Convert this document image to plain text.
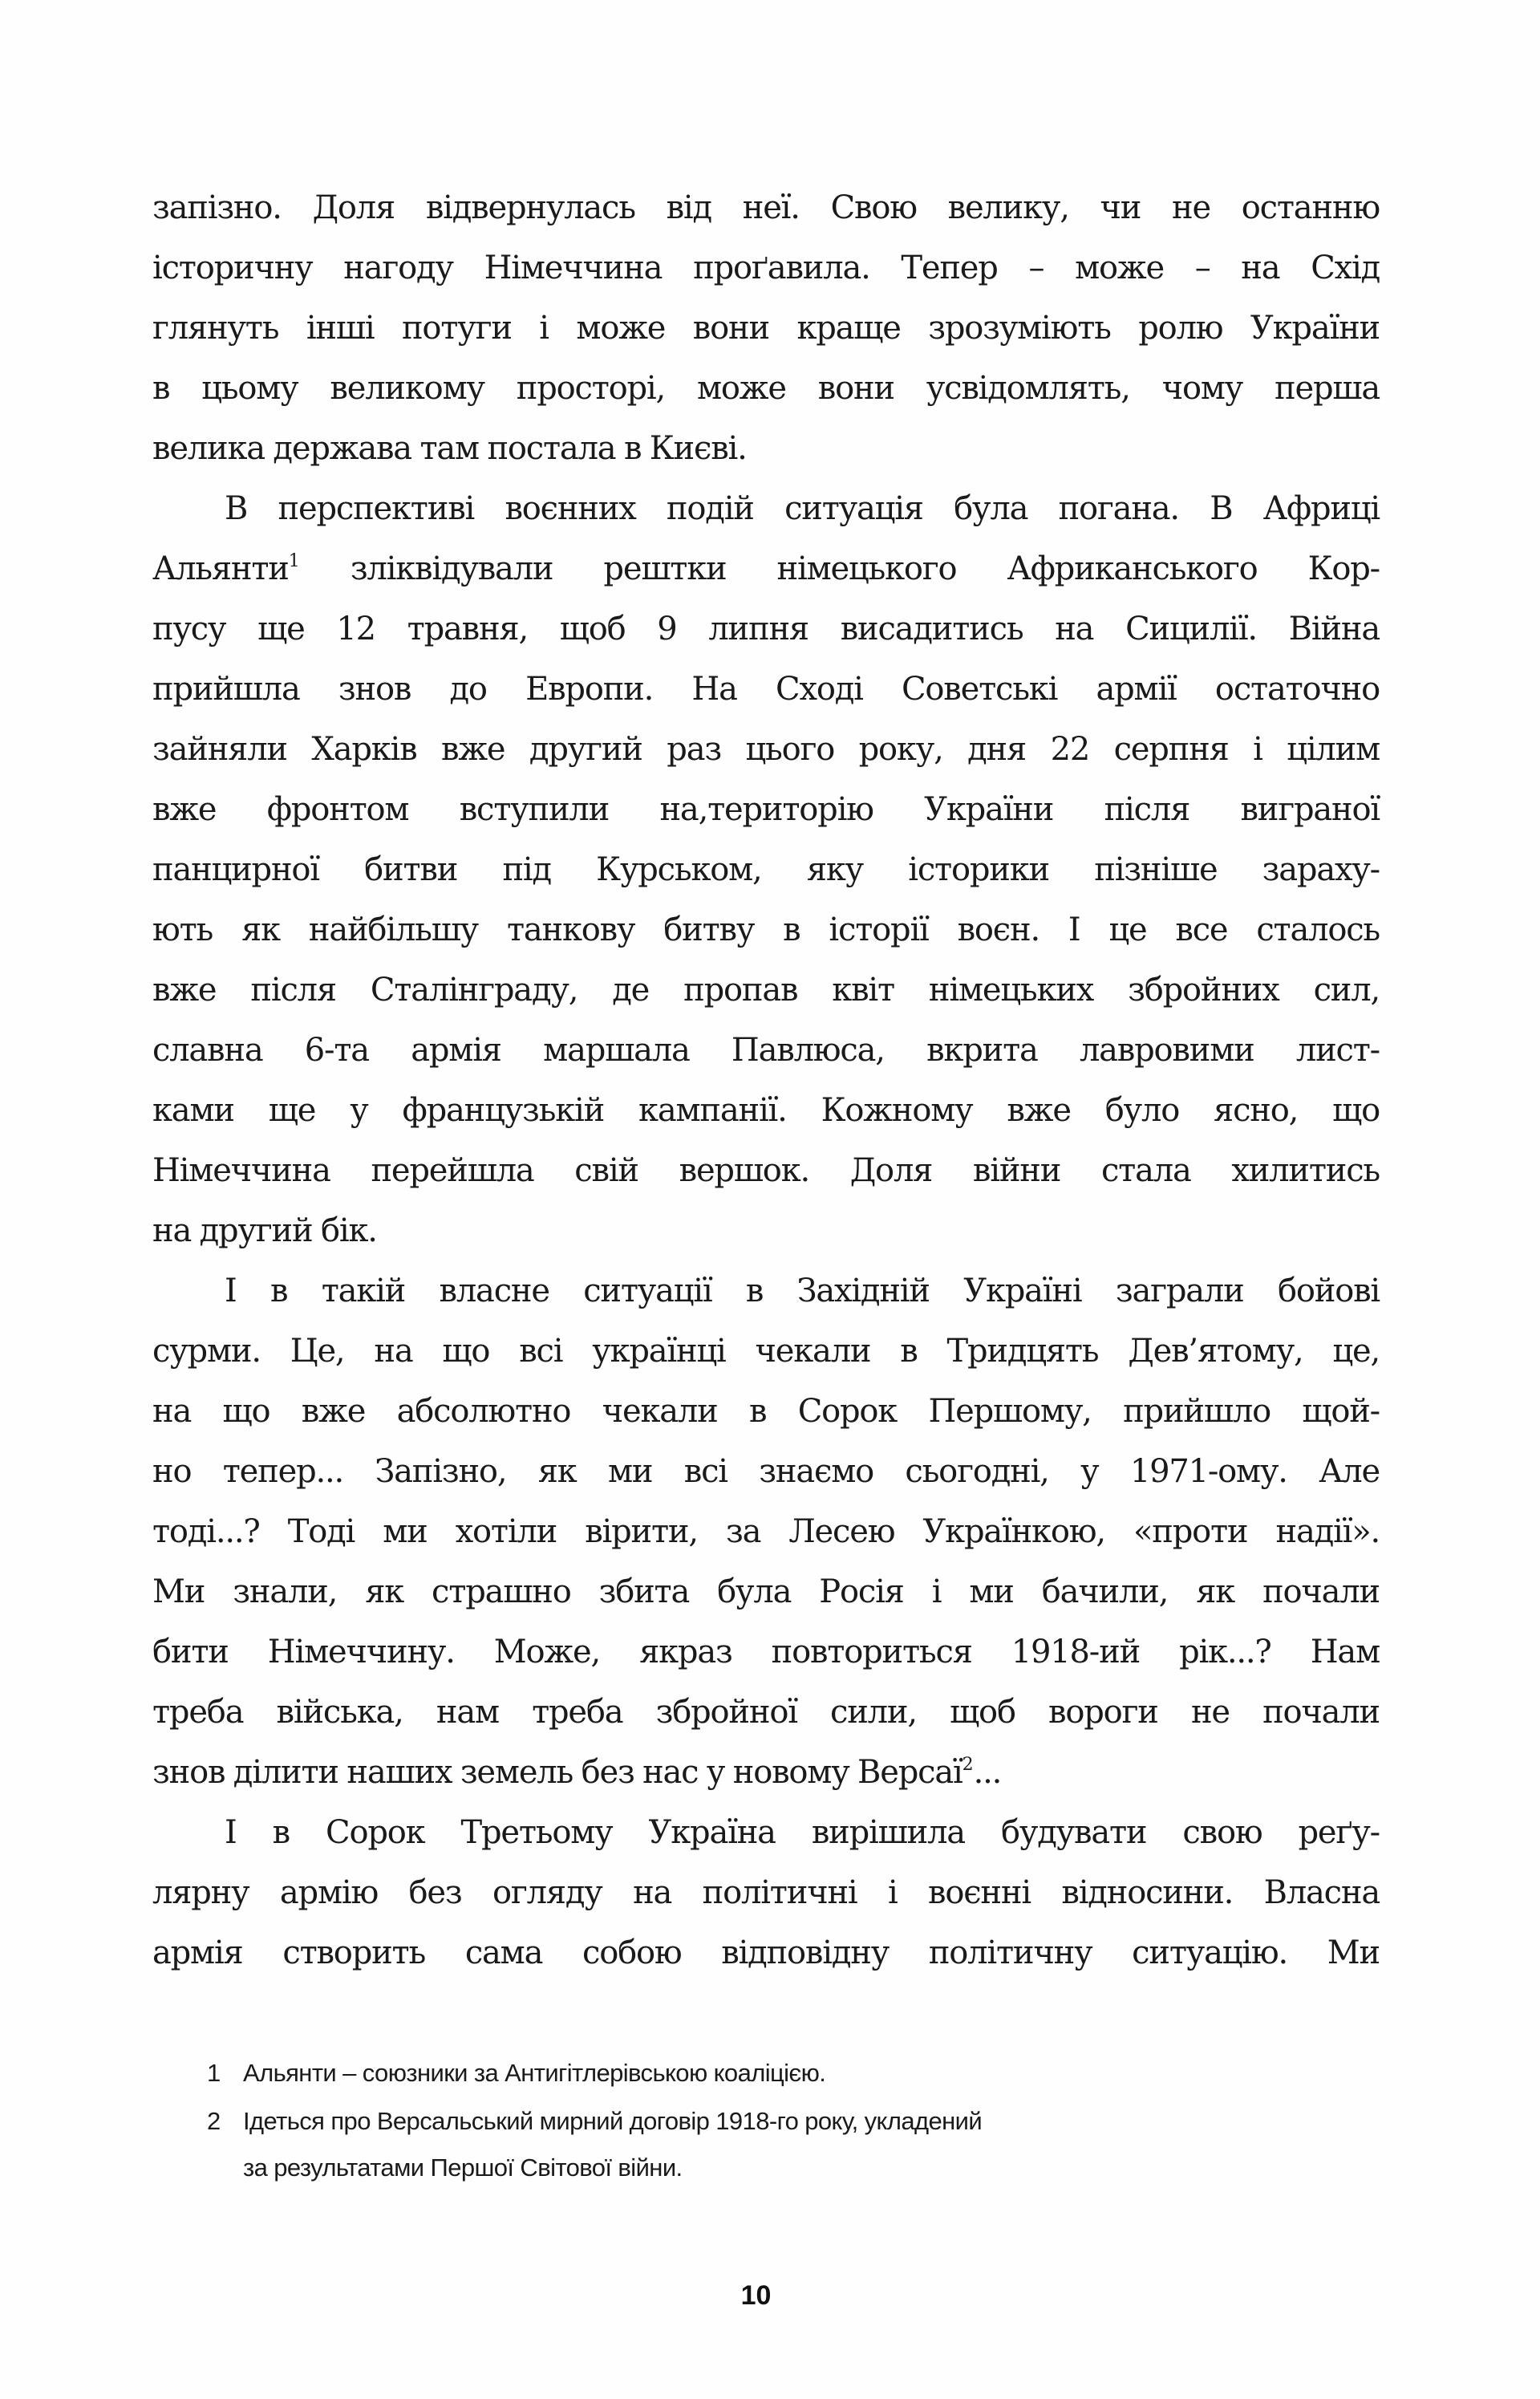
запізно. Доля відвернулась від неї. Свою велику, чи не останню
історичну нагоду Німеччина проґавила. Тепер – може – на Схід
глянуть інші потуги і може вони краще зрозуміють ролю України
в цьому великому просторі, може вони усвідомлять, чому перша
велика держава там постала в Києві.
В перспективі воєнних подій ситуація була погана. В Африці
Альянти$^1$ зліквідували рештки німецького Африканського Кор-
пусу ще 12 травня, щоб 9 липня висадитись на Сицилії. Війна
прийшла знов до Европи. На Сході Советські армії остаточно
зайняли Харків вже другий раз цього року, дня 22 серпня і цілим
вже фронтом вступили на,територію України після виграної
панцирної битви під Курськом, яку історики пізніше зараху-
ють як найбільшу танкову битву в історії воєн. І це все сталось
вже після Сталінграду, де пропав квіт німецьких збройних сил,
славна 6-та армія маршала Павлюса, вкрита лавровими лист-
ками ще у французькій кампанії. Кожному вже було ясно, що
Німеччина перейшла свій вершок. Доля війни стала хилитись
на другий бік.
І в такій власне ситуації в Західній Україні заграли бойові
сурми. Це, на що всі українці чекали в Тридцять Дев’ятому, це,
на що вже абсолютно чекали в Сорок Першому, прийшло щой-
но тепер... Запізно, як ми всі знаємо сьогодні, у 1971-ому. Але
тоді...? Тоді ми хотіли вірити, за Лесею Українкою, «проти надії».
Ми знали, як страшно збита була Росія і ми бачили, як почали
бити Німеччину. Може, якраз повториться 1918-ий рік...? Нам
треба війська, нам треба збройної сили, щоб вороги не почали
знов ділити наших земель без нас у новому Версаї$^2$...
І в Сорок Третьому Україна вирішила будувати свою реґу-
лярну армію без огляду на політичні і воєнні відносини. Власна
армія створить сама собою відповідну політичну ситуацію. Ми
1 Альянти – союзники за Антигітлерівською коаліцією.
2 Ідеться про Версальський мирний договір 1918-го року, укладений
за результатами Першої Світової війни.
10
